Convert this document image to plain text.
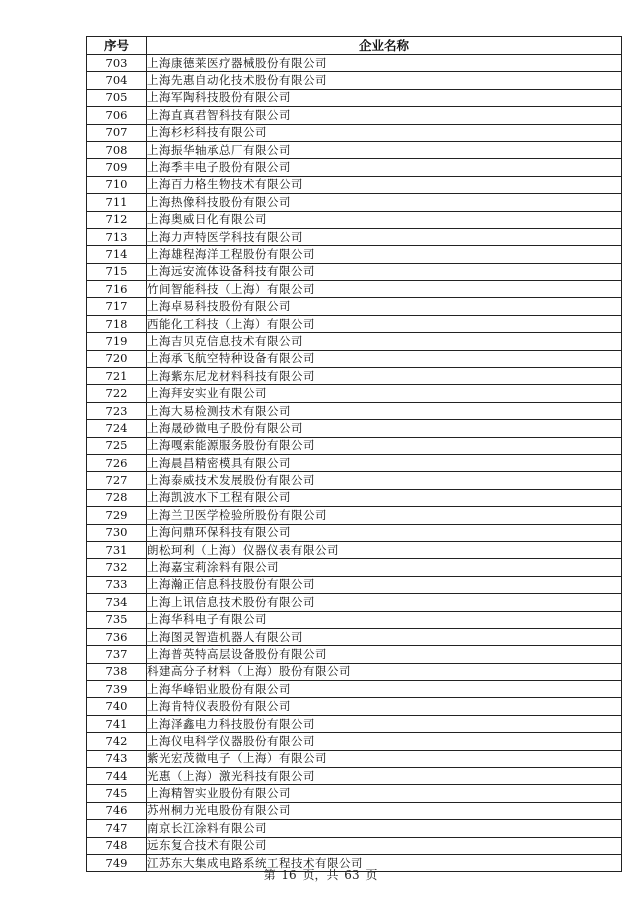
序号	企业名称
703	上海康德莱医疗器械股份有限公司
704	上海先惠自动化技术股份有限公司
705	上海军陶科技股份有限公司
706	上海直真君智科技有限公司
707	上海杉杉科技有限公司
708	上海振华轴承总厂有限公司
709	上海季丰电子股份有限公司
710	上海百力格生物技术有限公司
711	上海热像科技股份有限公司
712	上海奥威日化有限公司
713	上海力声特医学科技有限公司
714	上海雄程海洋工程股份有限公司
715	上海远安流体设备科技有限公司
716	竹间智能科技（上海）有限公司
717	上海卓易科技股份有限公司
718	西能化工科技（上海）有限公司
719	上海吉贝克信息技术有限公司
720	上海承飞航空特种设备有限公司
721	上海紫东尼龙材料科技有限公司
722	上海拜安实业有限公司
723	上海大易检测技术有限公司
724	上海晟砂微电子股份有限公司
725	上海嘎索能源服务股份有限公司
726	上海晨昌精密模具有限公司
727	上海泰威技术发展股份有限公司
728	上海凯波水下工程有限公司
729	上海兰卫医学检验所股份有限公司
730	上海问鼎环保科技有限公司
731	朗松珂利（上海）仪器仪表有限公司
732	上海嘉宝莉涂料有限公司
733	上海瀚正信息科技股份有限公司
734	上海上讯信息技术股份有限公司
735	上海华科电子有限公司
736	上海图灵智造机器人有限公司
737	上海普英特高层设备股份有限公司
738	科建高分子材料（上海）股份有限公司
739	上海华峰铝业股份有限公司
740	上海肯特仪表股份有限公司
741	上海泽鑫电力科技股份有限公司
742	上海仪电科学仪器股份有限公司
743	紫光宏茂微电子（上海）有限公司
744	光惠（上海）激光科技有限公司
745	上海精智实业股份有限公司
746	苏州桐力光电股份有限公司
747	南京长江涂料有限公司
748	远东复合技术有限公司
749	江苏东大集成电路系统工程技术有限公司
第 16 页，共 63 页
